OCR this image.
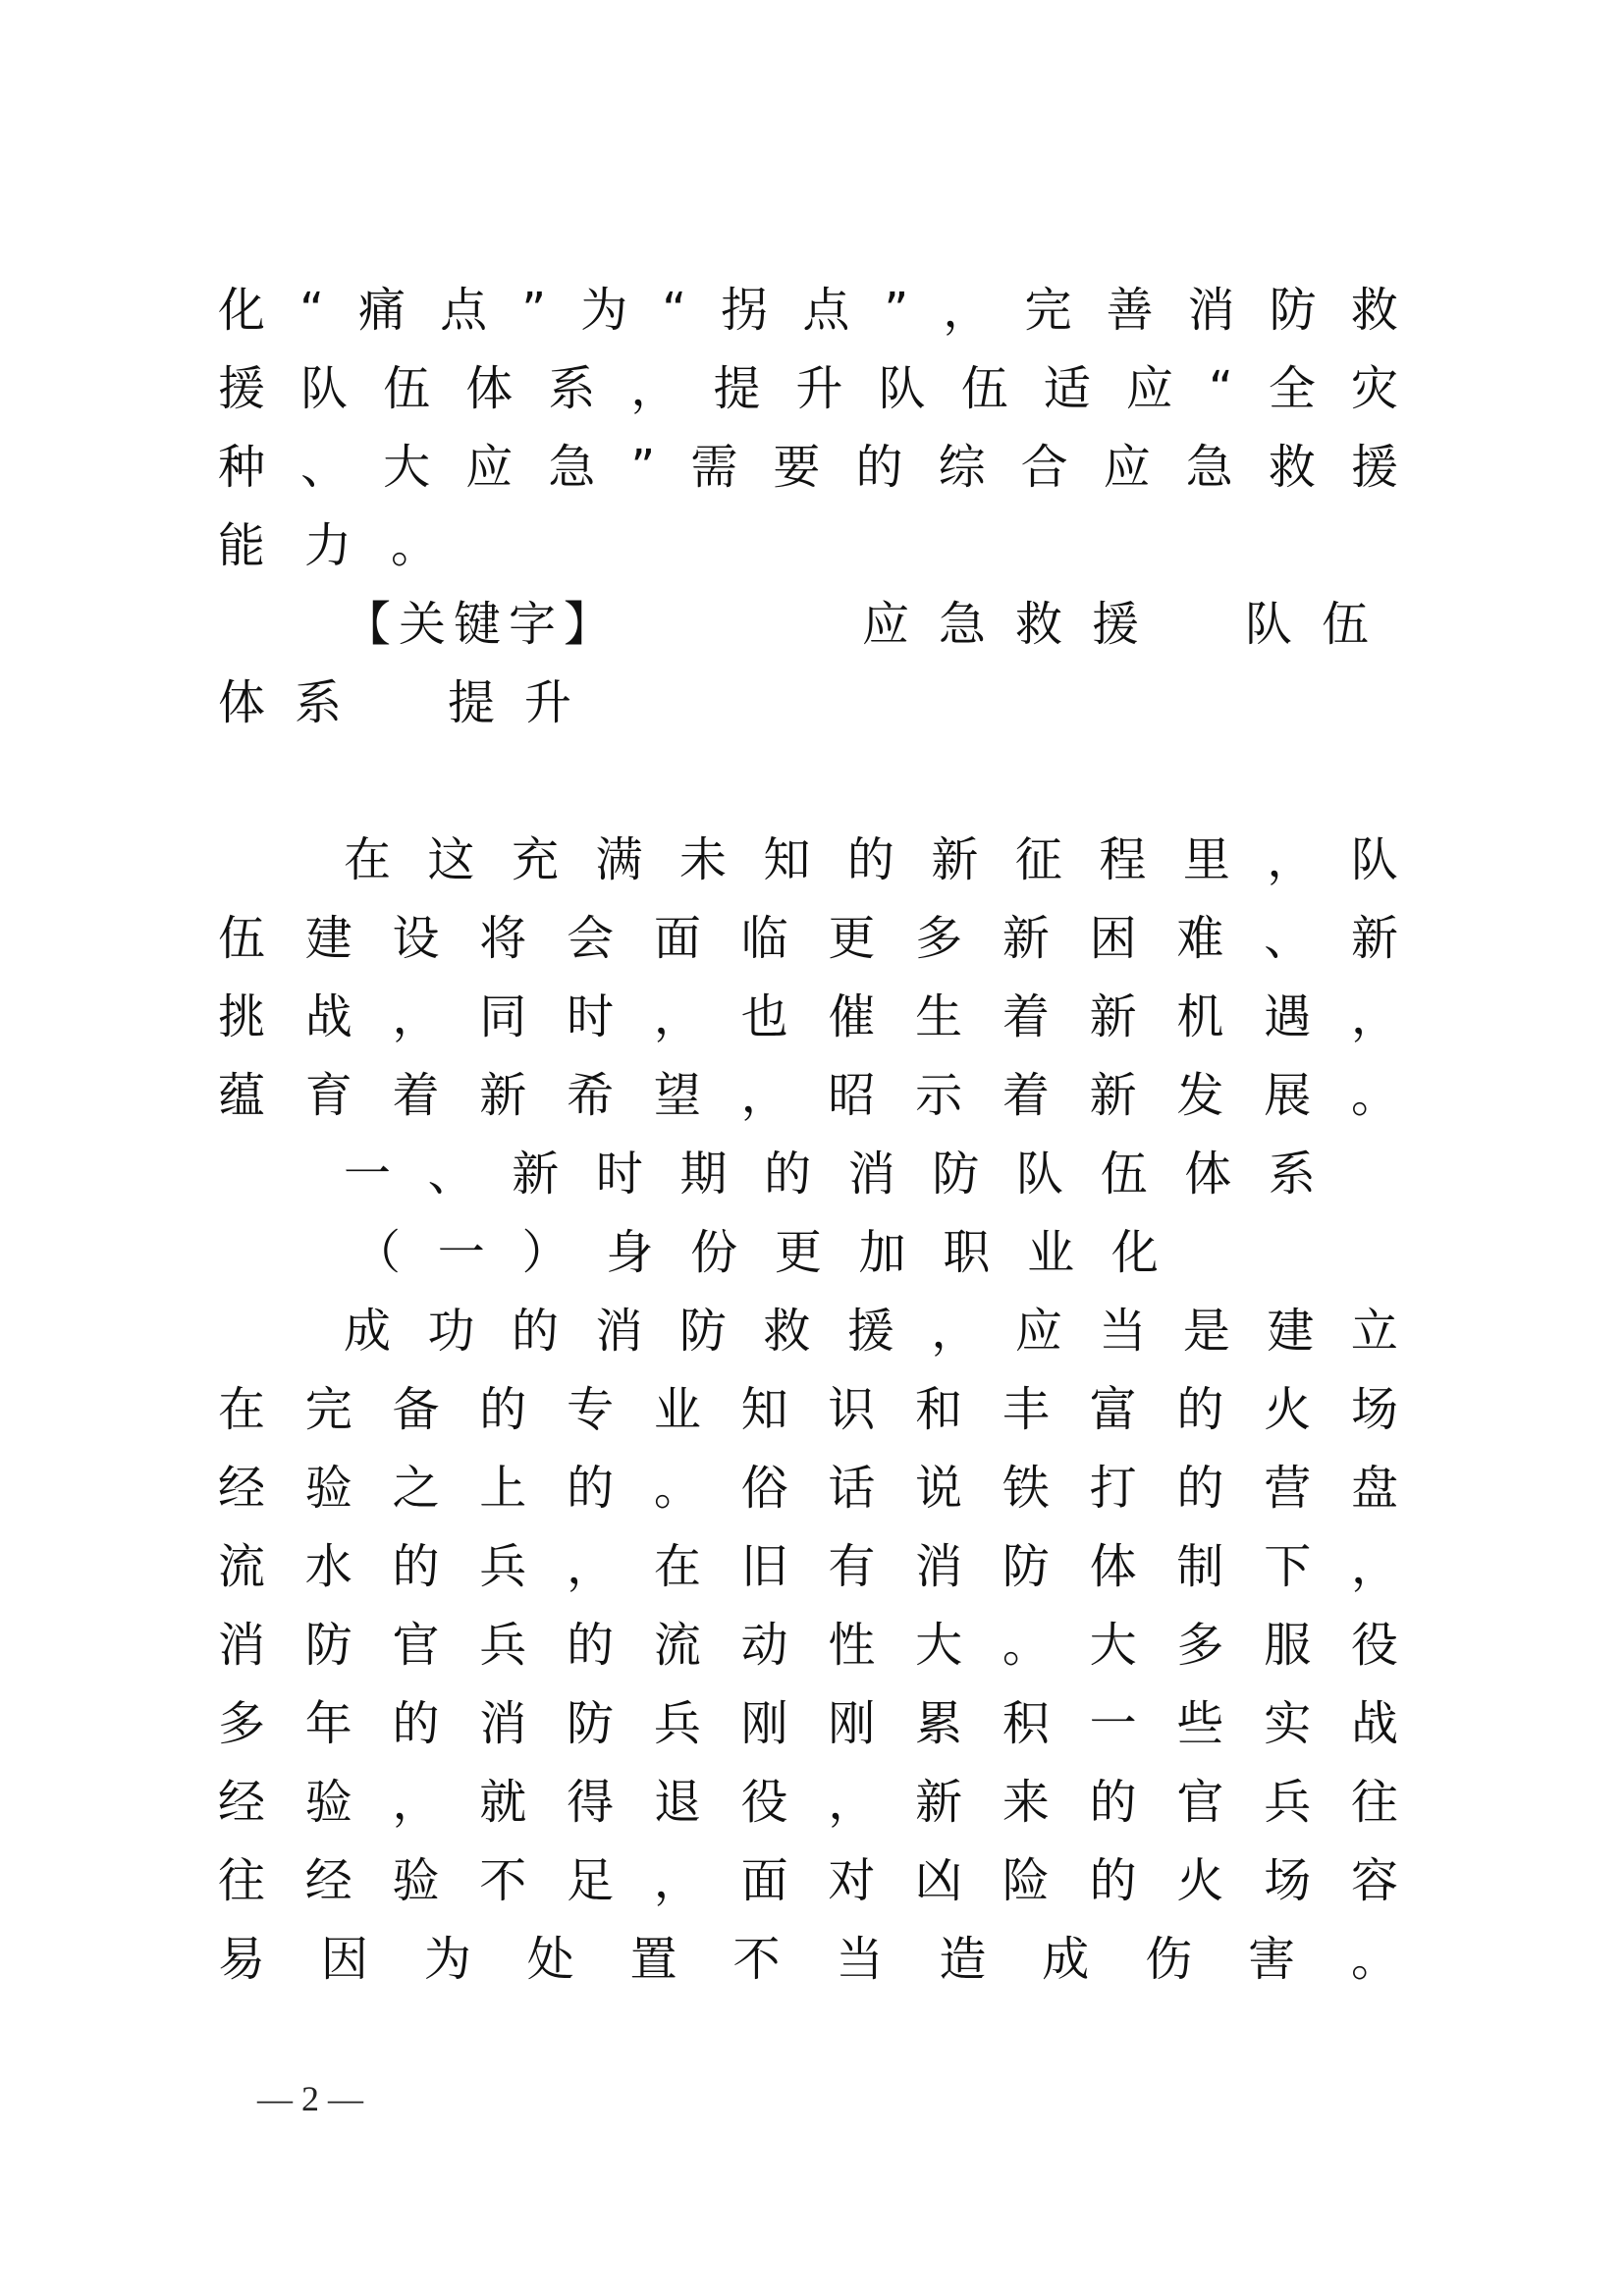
化 “ 痛 点 ” 为 “ 拐 点 ” ， 完 善 消 防 救

援 队 伍 体 系 ， 提 升 队 伍 适 应 “ 全 灾

种 、 大 应 急 ” 需 要 的 综 合 应 急 救 援

能 力 。

【关键字】	应急救援　队伍

体系　提升

在 这 充 满 未 知 的 新 征 程 里 ， 队

伍 建 设 将 会 面 临 更 多 新 困 难 、 新

挑 战 ， 同 时 ， 也 催 生 着 新 机 遇 ，

蕴 育 着 新 希 望 ， 昭 示 着 新 发 展 。

一 、 新 时 期 的 消 防 队 伍 体 系

（ 一 ） 身 份 更 加 职 业 化

成 功 的 消 防 救 援 ， 应 当 是 建 立

在 完 备 的 专 业 知 识 和 丰 富 的 火 场

经 验 之 上 的 。 俗 话 说 铁 打 的 营 盘

流 水 的 兵 ， 在 旧 有 消 防 体 制 下 ，

消 防 官 兵 的 流 动 性 大 。 大 多 服 役

多 年 的 消 防 兵 刚 刚 累 积 一 些 实 战

经 验 ， 就 得 退 役 ， 新 来 的 官 兵 往

往 经 验 不 足 ， 面 对 凶 险 的 火 场 容

易 因 为 处 置 不 当 造 成 伤 害 。

— 2 —
